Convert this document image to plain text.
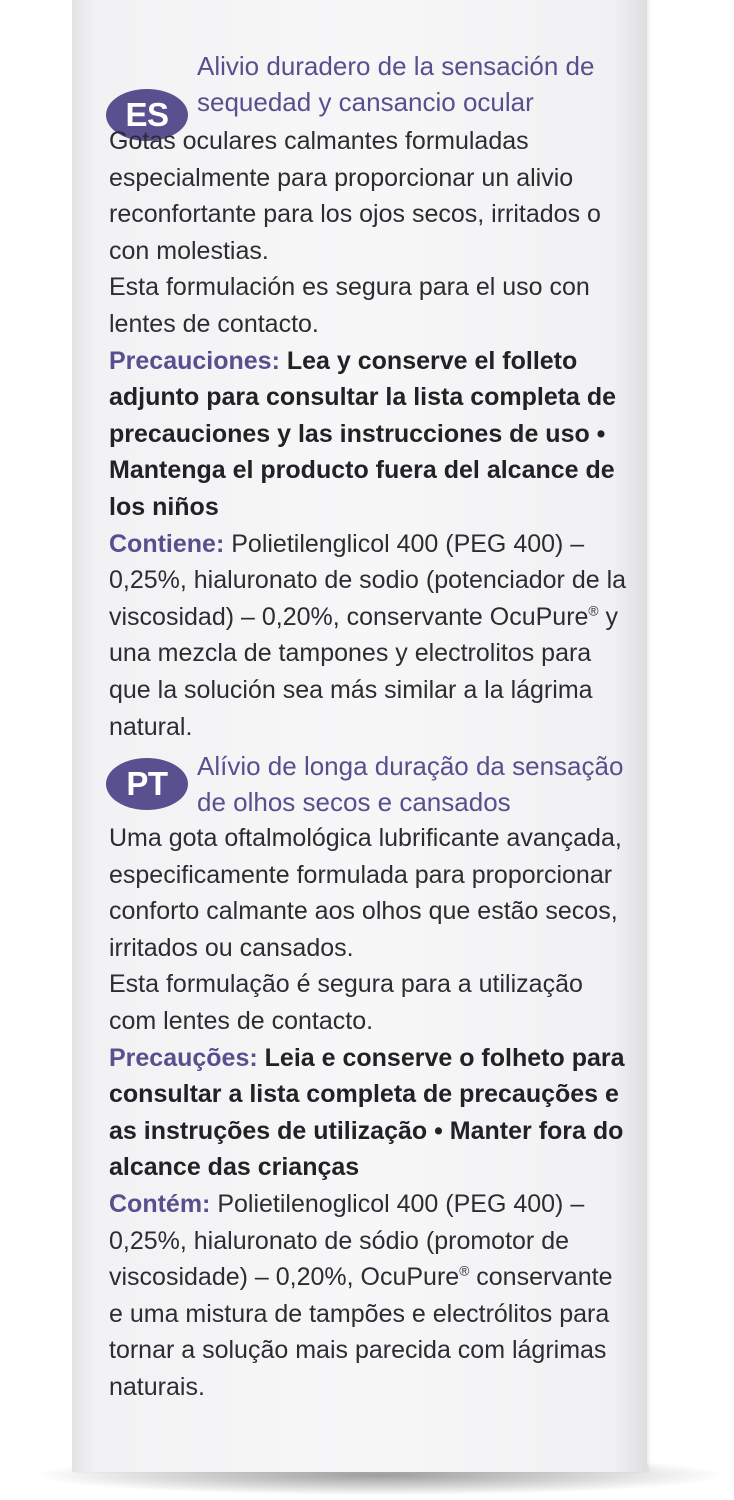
ES
Alivio duradero de la sensación de sequedad y cansancio ocular

Gotas oculares calmantes formuladas especialmente para proporcionar un alivio reconfortante para los ojos secos, irritados o con molestias.

Esta formulación es segura para el uso con lentes de contacto.

Precauciones: Lea y conserve el folleto adjunto para consultar la lista completa de precauciones y las instrucciones de uso • Mantenga el producto fuera del alcance de los niños

Contiene: Polietilenglicol 400 (PEG 400) – 0,25%, hialuronato de sodio (potenciador de la viscosidad) – 0,20%, conservante OcuPure® y una mezcla de tampones y electrolitos para que la solución sea más similar a la lágrima natural.

PT	Alívio de longa duração da sensação de olhos secos e cansados

Uma gota oftalmológica lubrificante avançada, especificamente formulada para proporcionar conforto calmante aos olhos que estão secos, irritados ou cansados.

Esta formulação é segura para a utilização com lentes de contacto.

Precauções: Leia e conserve o folheto para consultar a lista completa de precauções e as instruções de utilização • Manter fora do alcance das crianças

Contém: Polietilenoglicol 400 (PEG 400) – 0,25%, hialuronato de sódio (promotor de viscosidade) – 0,20%, OcuPure® conservante e uma mistura de tampões e electrólitos para tornar a solução mais parecida com lágrimas naturais.
